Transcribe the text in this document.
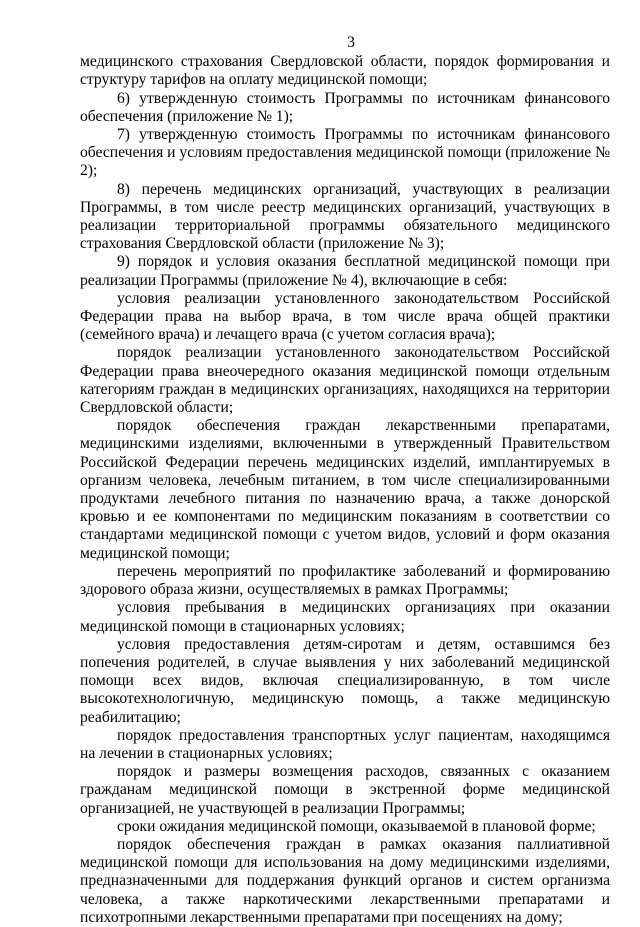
3

медицинского страхования Свердловской области, порядок формирования и структуру тарифов на оплату медицинской помощи;

6) утвержденную стоимость Программы по источникам финансового обеспечения (приложение № 1);

7) утвержденную стоимость Программы по источникам финансового обеспечения и условиям предоставления медицинской помощи (приложение № 2);

8) перечень медицинских организаций, участвующих в реализации Программы, в том числе реестр медицинских организаций, участвующих в реализации территориальной программы обязательного медицинского страхования Свердловской области (приложение № 3);

9) порядок и условия оказания бесплатной медицинской помощи при реализации Программы (приложение № 4), включающие в себя:

условия реализации установленного законодательством Российской Федерации права на выбор врача, в том числе врача общей практики (семейного врача) и лечащего врача (с учетом согласия врача);

порядок реализации установленного законодательством Российской Федерации права внеочередного оказания медицинской помощи отдельным категориям граждан в медицинских организациях, находящихся на территории Свердловской области;

порядок обеспечения граждан лекарственными препаратами, медицинскими изделиями, включенными в утвержденный Правительством Российской Федерации перечень медицинских изделий, имплантируемых в организм человека, лечебным питанием, в том числе специализированными продуктами лечебного питания по назначению врача, а также донорской кровью и ее компонентами по медицинским показаниям в соответствии со стандартами медицинской помощи с учетом видов, условий и форм оказания медицинской помощи;

перечень мероприятий по профилактике заболеваний и формированию здорового образа жизни, осуществляемых в рамках Программы;

условия пребывания в медицинских организациях при оказании медицинской помощи в стационарных условиях;

условия предоставления детям-сиротам и детям, оставшимся без попечения родителей, в случае выявления у них заболеваний медицинской помощи всех видов, включая специализированную, в том числе высокотехнологичную, медицинскую помощь, а также медицинскую реабилитацию;

порядок предоставления транспортных услуг пациентам, находящимся на лечении в стационарных условиях;

порядок и размеры возмещения расходов, связанных с оказанием гражданам медицинской помощи в экстренной форме медицинской организацией, не участвующей в реализации Программы;

сроки ожидания медицинской помощи, оказываемой в плановой форме;

порядок обеспечения граждан в рамках оказания паллиативной медицинской помощи для использования на дому медицинскими изделиями, предназначенными для поддержания функций органов и систем организма человека, а также наркотическими лекарственными препаратами и психотропными лекарственными препаратами при посещениях на дому;
